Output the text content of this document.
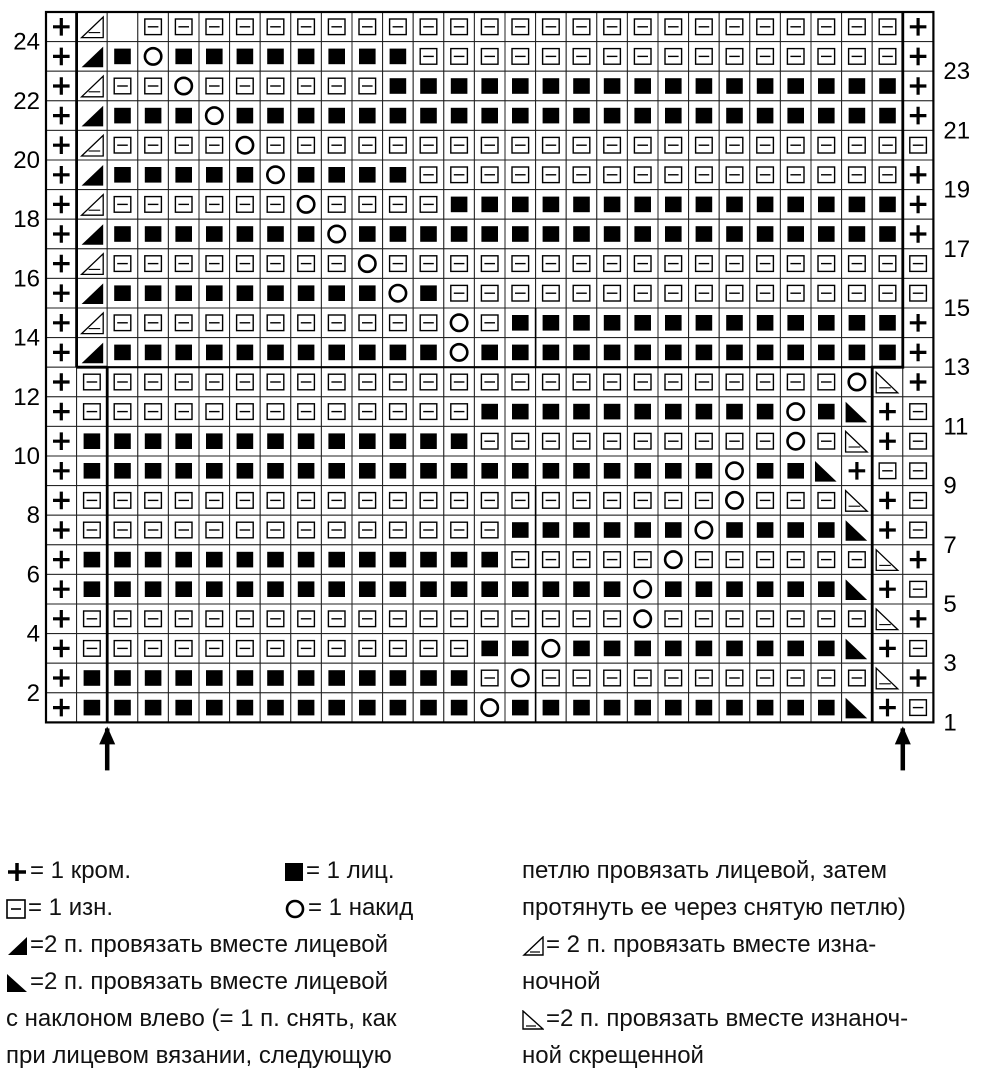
24
22
20
18
16
14
12
10
8
6
4
2
23
21
19
17
15
13
11
9
7
5
3
1
= 1 кром.
= 1 изн.
=2 п. провязать вместе лицевой
=2 п. провязать вместе лицевой
с наклоном влево (= 1 п. снять, как
при лицевом вязании, следующую
= 1 лиц.
= 1 накид
петлю провязать лицевой, затем
протянуть ее через снятую петлю)
= 2 п. провязать вместе изна-
ночной
=2 п. провязать вместе изнаноч-
ной скрещенной
